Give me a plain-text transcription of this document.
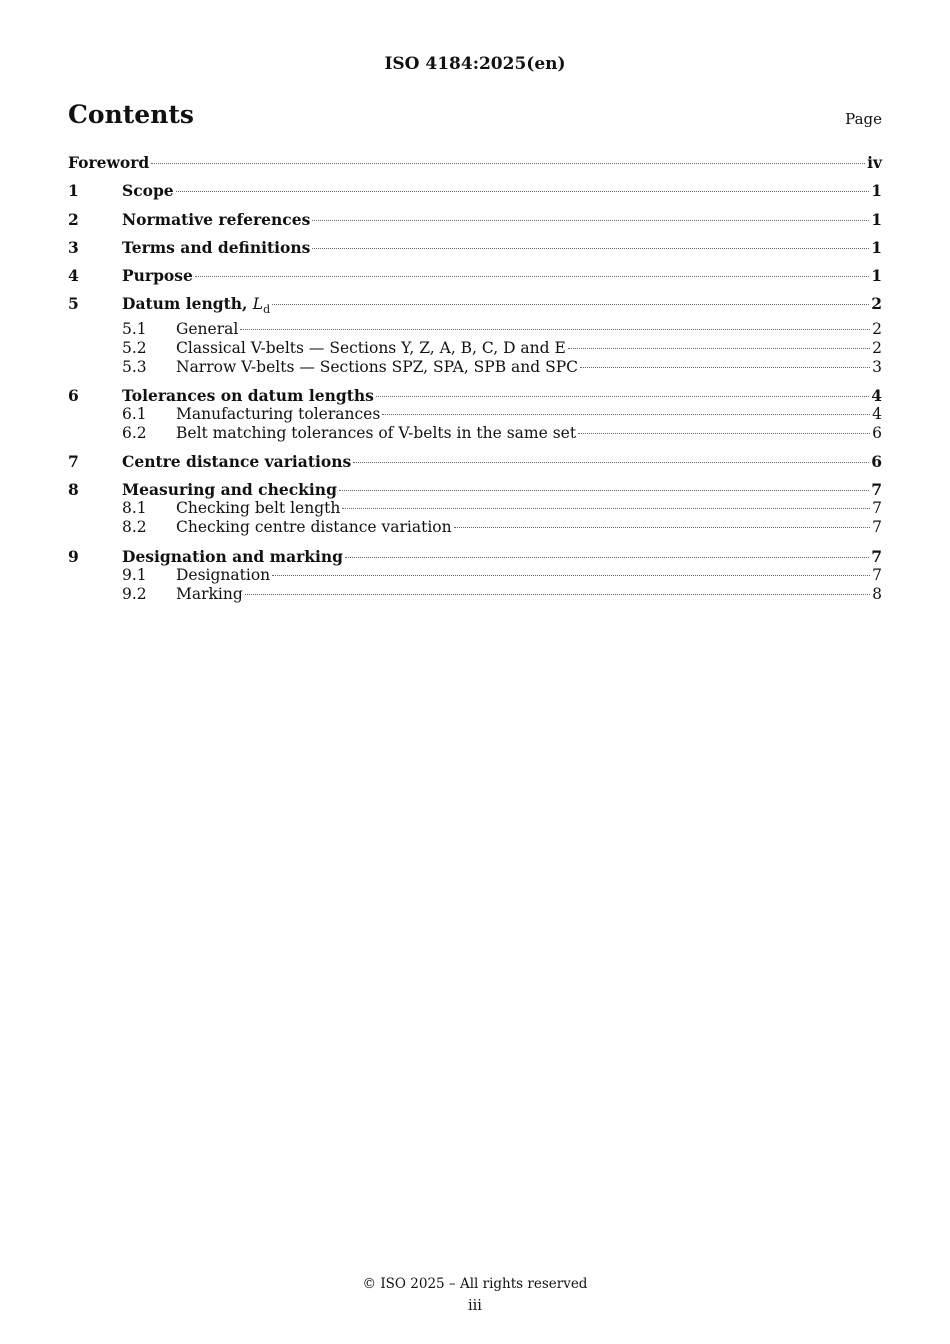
ISO 4184:2025(en)
Contents	Page
Foreword	iv
1	Scope	1
2	Normative references	1
3	Terms and definitions	1
4	Purpose	1
5	Datum length, $L_d$	2
5.1	General	2
5.2	Classical V-belts — Sections Y, Z, A, B, C, D and E	2
5.3	Narrow V-belts — Sections SPZ, SPA, SPB and SPC	3
6	Tolerances on datum lengths	4
6.1	Manufacturing tolerances	4
6.2	Belt matching tolerances of V-belts in the same set	6
7	Centre distance variations	6
8	Measuring and checking	7
8.1	Checking belt length	7
8.2	Checking centre distance variation	7
9	Designation and marking	7
9.1	Designation	7
9.2	Marking	8
© ISO 2025 – All rights reserved
iii
